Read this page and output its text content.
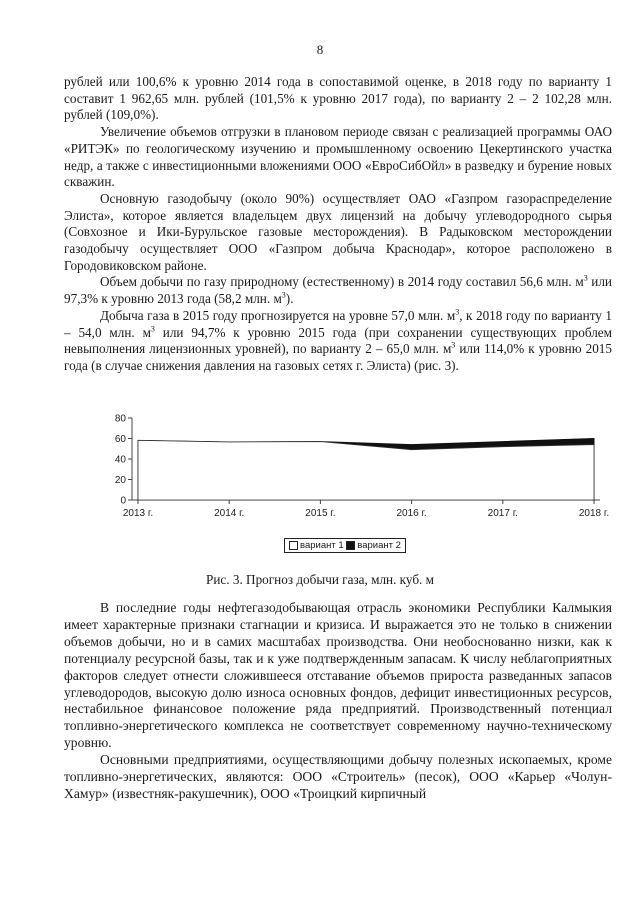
8

рублей или 100,6% к уровню 2014 года в сопоставимой оценке, в 2018 году по варианту 1 составит 1 962,65 млн. рублей (101,5% к уровню 2017 года), по варианту 2 – 2 102,28 млн. рублей (109,0%).

Увеличение объемов отгрузки в плановом периоде связан с реализацией программы ОАО «РИТЭК» по геологическому изучению и промышленному освоению Цекертинского участка недр, а также с инвестиционными вложениями ООО «ЕвроСибОйл» в разведку и бурение новых скважин.

Основную газодобычу (около 90%) осуществляет ОАО «Газпром газораспределение Элиста», которое является владельцем двух лицензий на добычу углеводородного сырья (Совхозное и Ики-Бурульское газовые месторождения). В Радыковском месторождении газодобычу осуществляет ООО «Газпром добыча Краснодар», которое расположено в Городовиковском районе.

Объем добычи по газу природному (естественному) в 2014 году составил 56,6 млн. $м^3$ или 97,3% к уровню 2013 года (58,2 млн. $м^3$).

Добыча газа в 2015 году прогнозируется на уровне 57,0 млн. $м^3$, к 2018 году по варианту 1 – 54,0 млн. $м^3$ или 94,7% к уровню 2015 года (при сохранении существующих проблем невыполнения лицензионных уровней), по варианту 2 – 65,0 млн. $м^3$ или 114,0% к уровню 2015 года (в случае снижения давления на газовых сетях г. Элиста) (рис. 3).

0
20
40
60
80
2013 г.	2014 г.	2015 г.	2016 г.	2017 г.	2018 г.
вариант 1 вариант 2
Рис. 3. Прогноз добычи газа, млн. куб. м

В последние годы нефтегазодобывающая отрасль экономики Республики Калмыкия имеет характерные признаки стагнации и кризиса. И выражается это не только в снижении объемов добычи, но и в самих масштабах производства. Они необоснованно низки, как к потенциалу ресурсной базы, так и к уже подтвержденным запасам. К числу неблагоприятных факторов следует отнести сложившееся отставание объемов прироста разведанных запасов углеводородов, высокую долю износа основных фондов, дефицит инвестиционных ресурсов, нестабильное финансовое положение ряда предприятий. Производственный потенциал топливно-энергетического комплекса не соответствует современному научно-техническому уровню.

Основными предприятиями, осуществляющими добычу полезных ископаемых, кроме топливно-энергетических, являются: ООО «Строитель» (песок), ООО «Карьер «Чолун-Хамур» (известняк-ракушечник), ООО «Троицкий кирпичный
